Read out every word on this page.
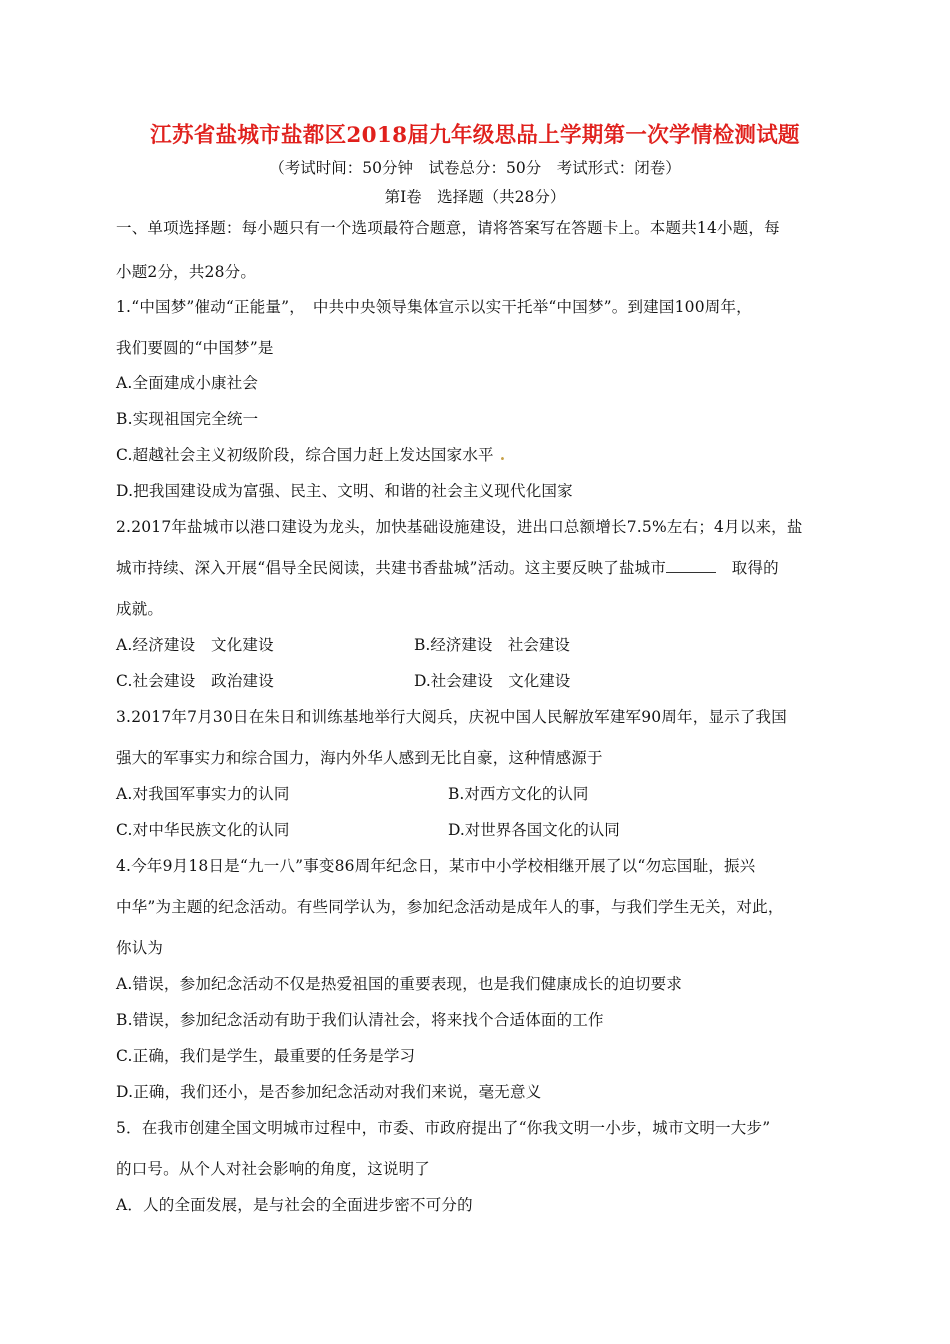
江苏省盐城市盐都区2018届九年级思品上学期第一次学情检测试题
（考试时间：50分钟　试卷总分：50分　考试形式：闭卷）
第Ⅰ卷　选择题（共28分）
一、单项选择题：每小题只有一个选项最符合题意，请将答案写在答题卡上。本题共14小题，每
小题2分，共28分。
1.“中国梦”催动“正能量”，　中共中央领导集体宣示以实干托举“中国梦”。到建国100周年，
我们要圆的“中国梦”是
A.全面建成小康社会
B.实现祖国完全统一
C.超越社会主义初级阶段，综合国力赶上发达国家水平 .
D.把我国建设成为富强、民主、文明、和谐的社会主义现代化国家
2.2017年盐城市以港口建设为龙头，加快基础设施建设，进出口总额增长7.5%左右；4月以来，盐
城市持续、深入开展“倡导全民阅读，共建书香盐城”活动。这主要反映了盐城市	　取得的
成就。
A.经济建设　文化建设	B.经济建设　社会建设
C.社会建设　政治建设	D.社会建设　文化建设
3.2017年7月30日在朱日和训练基地举行大阅兵，庆祝中国人民解放军建军90周年，显示了我国
强大的军事实力和综合国力，海内外华人感到无比自豪，这种情感源于
A.对我国军事实力的认同	B.对西方文化的认同
C.对中华民族文化的认同	D.对世界各国文化的认同
4.今年9月18日是“九一八”事变86周年纪念日，某市中小学校相继开展了以“勿忘国耻，振兴
中华”为主题的纪念活动。有些同学认为，参加纪念活动是成年人的事，与我们学生无关，对此，
你认为
A.错误，参加纪念活动不仅是热爱祖国的重要表现，也是我们健康成长的迫切要求
B.错误，参加纪念活动有助于我们认清社会，将来找个合适体面的工作
C.正确，我们是学生，最重要的任务是学习
D.正确，我们还小，是否参加纪念活动对我们来说，毫无意义
5．在我市创建全国文明城市过程中，市委、市政府提出了“你我文明一小步，城市文明一大步”
的口号。从个人对社会影响的角度，这说明了
A．人的全面发展，是与社会的全面进步密不可分的
